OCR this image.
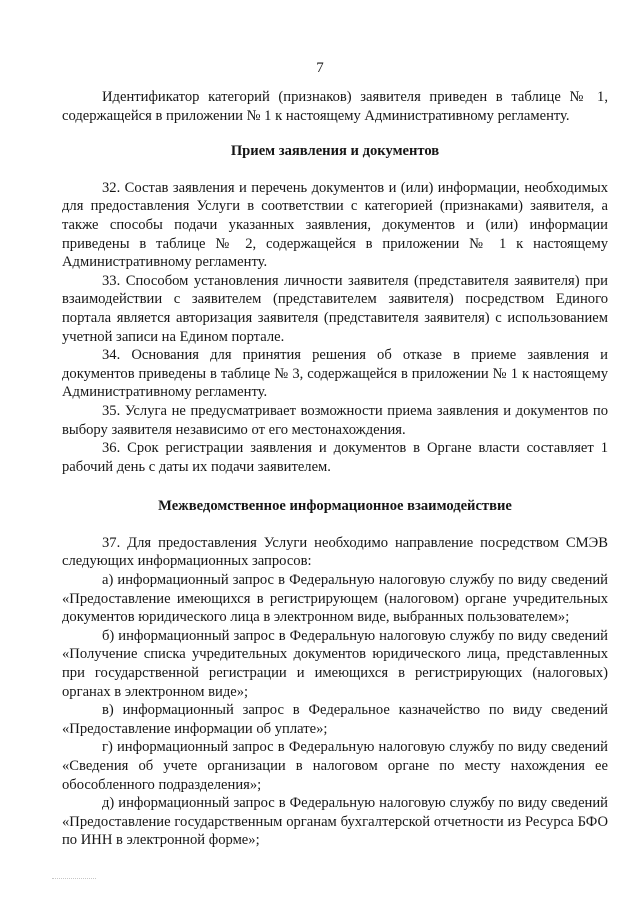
7

Идентификатор категорий (признаков) заявителя приведен в таблице № 1, содержащейся в приложении № 1 к настоящему Административному регламенту.

Прием заявления и документов

32. Состав заявления и перечень документов и (или) информации, необходимых для предоставления Услуги в соответствии с категорией (признаками) заявителя, а также способы подачи указанных заявления, документов и (или) информации приведены в таблице № 2, содержащейся в приложении № 1 к настоящему Административному регламенту.

33. Способом установления личности заявителя (представителя заявителя) при взаимодействии с заявителем (представителем заявителя) посредством Единого портала является авторизация заявителя (представителя заявителя) с использованием учетной записи на Едином портале.

34. Основания для принятия решения об отказе в приеме заявления и документов приведены в таблице № 3, содержащейся в приложении № 1 к настоящему Административному регламенту.

35. Услуга не предусматривает возможности приема заявления и документов по выбору заявителя независимо от его местонахождения.

36. Срок регистрации заявления и документов в Органе власти составляет 1 рабочий день с даты их подачи заявителем.

Межведомственное информационное взаимодействие

37. Для предоставления Услуги необходимо направление посредством СМЭВ следующих информационных запросов:

а) информационный запрос в Федеральную налоговую службу по виду сведений «Предоставление имеющихся в регистрирующем (налоговом) органе учредительных документов юридического лица в электронном виде, выбранных пользователем»;

б) информационный запрос в Федеральную налоговую службу по виду сведений «Получение списка учредительных документов юридического лица, представленных при государственной регистрации и имеющихся в регистрирующих (налоговых) органах в электронном виде»;

в) информационный запрос в Федеральное казначейство по виду сведений «Предоставление информации об уплате»;

г) информационный запрос в Федеральную налоговую службу по виду сведений «Сведения об учете организации в налоговом органе по месту нахождения ее обособленного подразделения»;

д) информационный запрос в Федеральную налоговую службу по виду сведений «Предоставление государственным органам бухгалтерской отчетности из Ресурса БФО по ИНН в электронной форме»;
